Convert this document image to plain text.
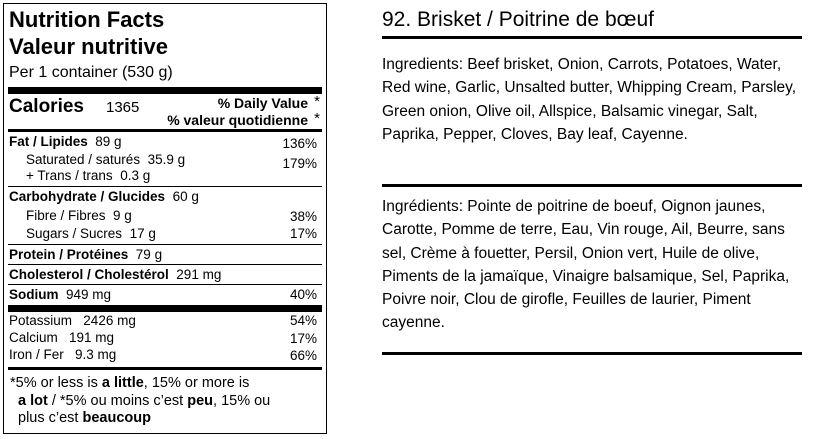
Nutrition Facts
Valeur nutritive
Per 1 container (530 g)
Calories 1365	% Daily Value *
% valeur quotidienne *
Fat / Lipides 89 g	136%
Saturated / saturés 35.9 g	179%
+ Trans / trans 0.3 g
Carbohydrate / Glucides 60 g
Fibre / Fibres 9 g	38%
Sugars / Sucres 17 g	17%
Protein / Protéines 79 g
Cholesterol / Cholestérol 291 mg
Sodium 949 mg	40%
Potassium 2426 mg	54%
Calcium 191 mg	17%
Iron / Fer 9.3 mg	66%
*5% or less is a little, 15% or more is
a lot / *5% ou moins c’est peu, 15% ou
plus c’est beaucoup
92. Brisket / Poitrine de bœuf
Ingredients: Beef brisket, Onion, Carrots, Potatoes, Water, Red wine, Garlic, Unsalted butter, Whipping Cream, Parsley, Green onion, Olive oil, Allspice, Balsamic vinegar, Salt, Paprika, Pepper, Cloves, Bay leaf, Cayenne.
Ingrédients: Pointe de poitrine de boeuf, Oignon jaunes, Carotte, Pomme de terre, Eau, Vin rouge, Ail, Beurre, sans sel, Crème à fouetter, Persil, Onion vert, Huile de olive, Piments de la jamaïque, Vinaigre balsamique, Sel, Paprika, Poivre noir, Clou de girofle, Feuilles de laurier, Piment cayenne.
